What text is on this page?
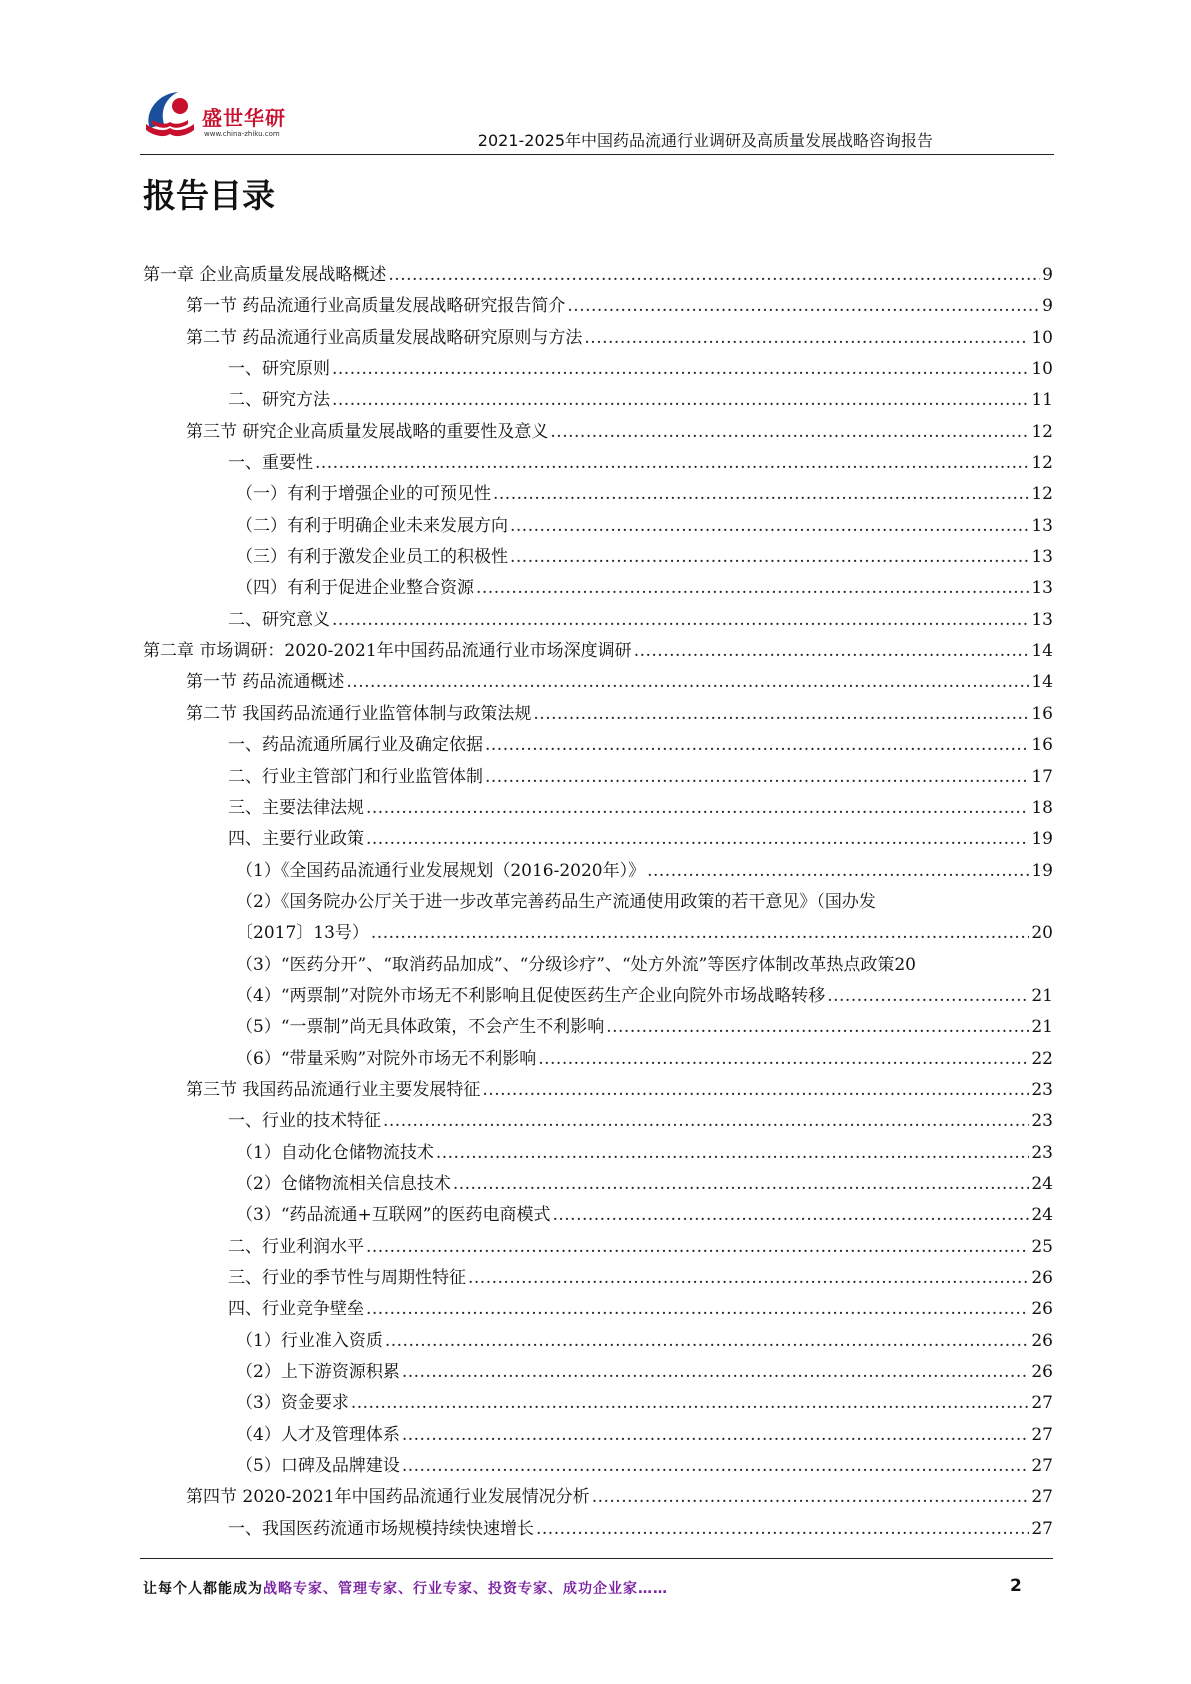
盛世华研
www.china-zhiku.com	2021-2025年中国药品流通行业调研及高质量发展战略咨询报告
报告目录
第一章 企业高质量发展战略概述 .....	9
第一节 药品流通行业高质量发展战略研究报告简介 .....	9
第二节 药品流通行业高质量发展战略研究原则与方法 .....	10
一、研究原则 .....	10
二、研究方法 .....	11
第三节 研究企业高质量发展战略的重要性及意义 .....	12
一、重要性 .....	12
（一）有利于增强企业的可预见性 .....	12
（二）有利于明确企业未来发展方向 .....	13
（三）有利于激发企业员工的积极性 .....	13
（四）有利于促进企业整合资源 .....	13
二、研究意义 .....	13
第二章 市场调研：2020-2021年中国药品流通行业市场深度调研 .....	14
第一节 药品流通概述 .....	14
第二节 我国药品流通行业监管体制与政策法规 .....	16
一、药品流通所属行业及确定依据 .....	16
二、行业主管部门和行业监管体制 .....	17
三、主要法律法规 .....	18
四、主要行业政策 .....	19
（1）《全国药品流通行业发展规划（2016-2020年）》 .....	19
（2）《国务院办公厅关于进一步改革完善药品生产流通使用政策的若干意见》（国办发
〔2017〕13号） .....	20
（3）“医药分开”、“取消药品加成”、“分级诊疗”、“处方外流”等医疗体制改革热点政策 20
（4）“两票制”对院外市场无不利影响且促使医药生产企业向院外市场战略转移 .....	21
（5）“一票制”尚无具体政策，不会产生不利影响 .....	21
（6）“带量采购”对院外市场无不利影响 .....	22
第三节 我国药品流通行业主要发展特征 .....	23
一、行业的技术特征 .....	23
（1）自动化仓储物流技术 .....	23
（2）仓储物流相关信息技术 .....	24
（3）“药品流通+互联网”的医药电商模式 .....	24
二、行业利润水平 .....	25
三、行业的季节性与周期性特征 .....	26
四、行业竞争壁垒 .....	26
（1）行业准入资质 .....	26
（2）上下游资源积累 .....	26
（3）资金要求 .....	27
（4）人才及管理体系 .....	27
（5）口碑及品牌建设 .....	27
第四节 2020-2021年中国药品流通行业发展情况分析 .....	27
一、我国医药流通市场规模持续快速增长 .....	27
让每个人都能成为战略专家、管理专家、行业专家、投资专家、成功企业家……	2
